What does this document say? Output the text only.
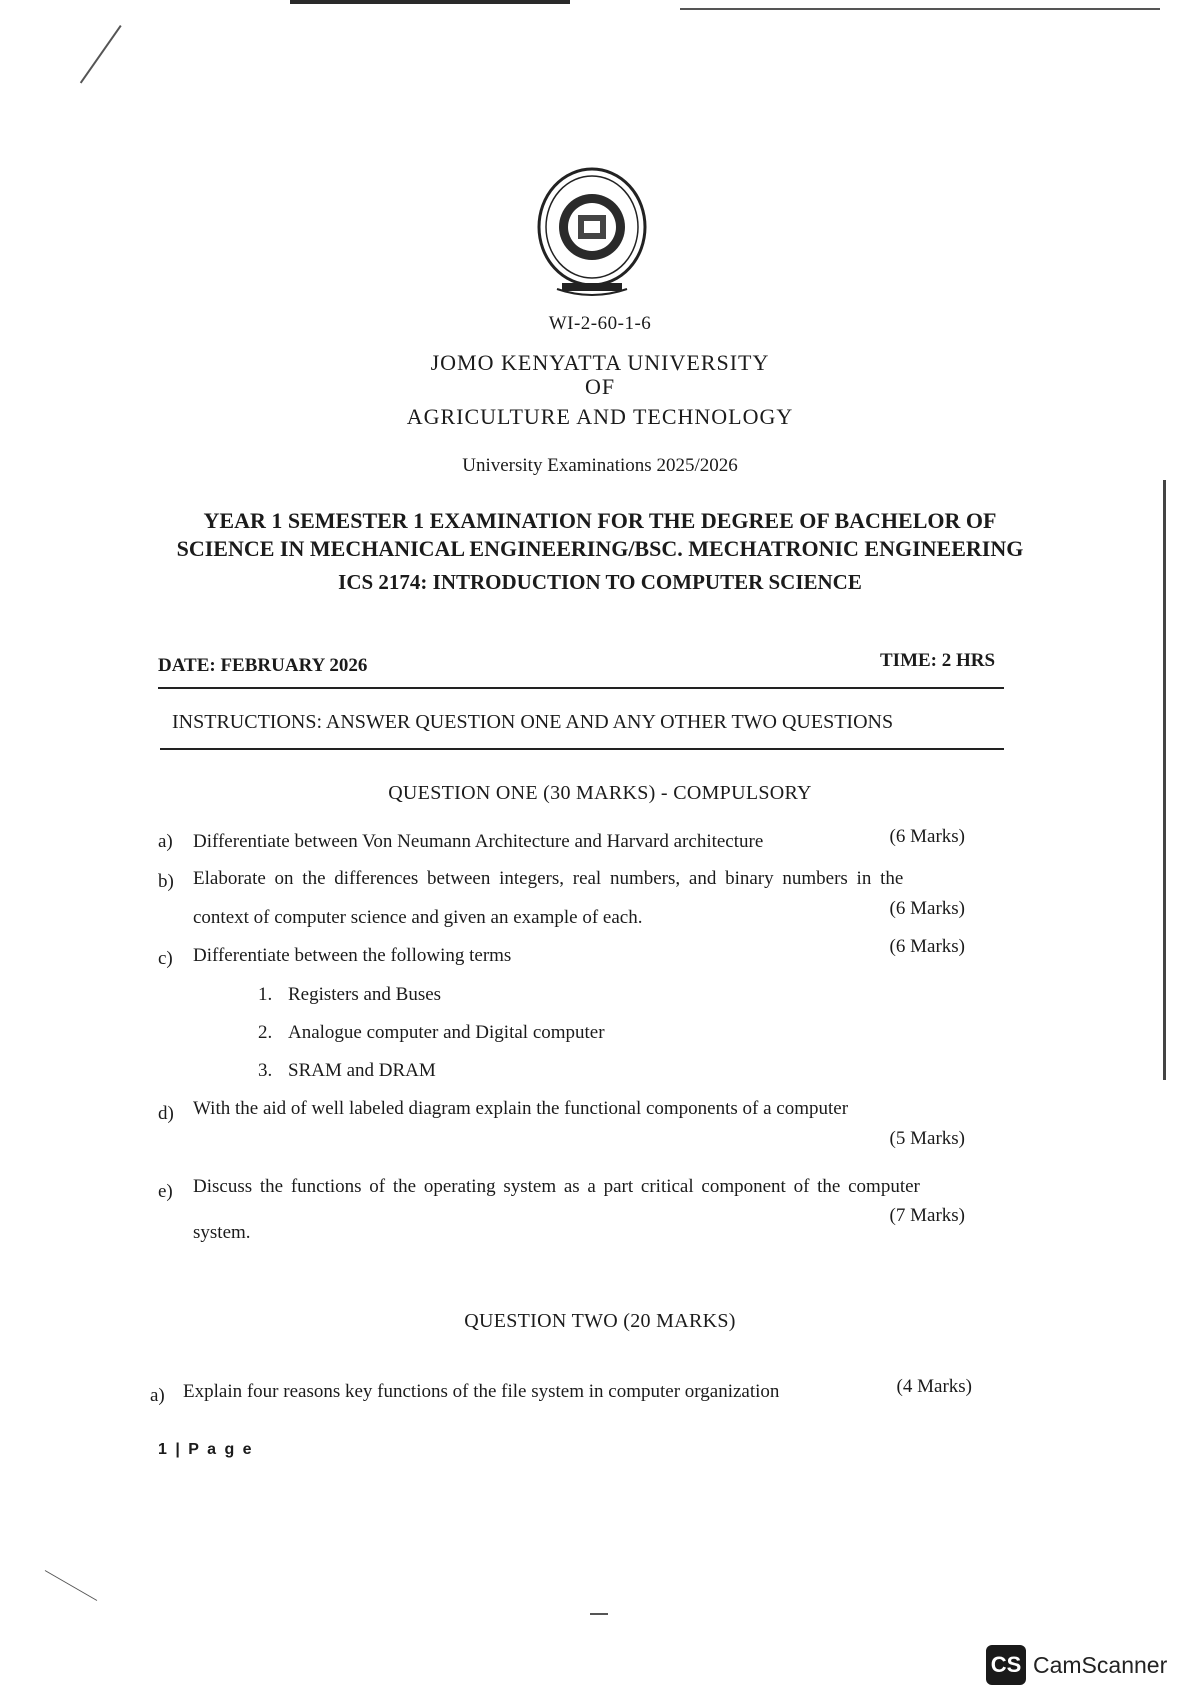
WI-2-60-1-6
JOMO KENYATTA UNIVERSITY
OF
AGRICULTURE AND TECHNOLOGY
University Examinations 2025/2026
YEAR 1 SEMESTER 1 EXAMINATION FOR THE DEGREE OF BACHELOR OF
SCIENCE IN MECHANICAL ENGINEERING/BSC. MECHATRONIC ENGINEERING
ICS 2174: INTRODUCTION TO COMPUTER SCIENCE
DATE: FEBRUARY 2026	TIME: 2 HRS
INSTRUCTIONS: ANSWER QUESTION ONE AND ANY OTHER TWO QUESTIONS
QUESTION ONE (30 MARKS) - COMPULSORY
a) Differentiate between Von Neumann Architecture and Harvard architecture	(6 Marks)
b) Elaborate on the differences between integers, real numbers, and binary numbers in the
context of computer science and given an example of each.	(6 Marks)
c) Differentiate between the following terms	(6 Marks)
1. Registers and Buses
2. Analogue computer and Digital computer
3. SRAM and DRAM
d) With the aid of well labeled diagram explain the functional components of a computer
(5 Marks)
e) Discuss the functions of the operating system as a part critical component of the computer
system.
(7 Marks)
QUESTION TWO (20 MARKS)
a) Explain four reasons key functions of the file system in computer organization	(4 Marks)
1 | P a g e
CS CamScanner
